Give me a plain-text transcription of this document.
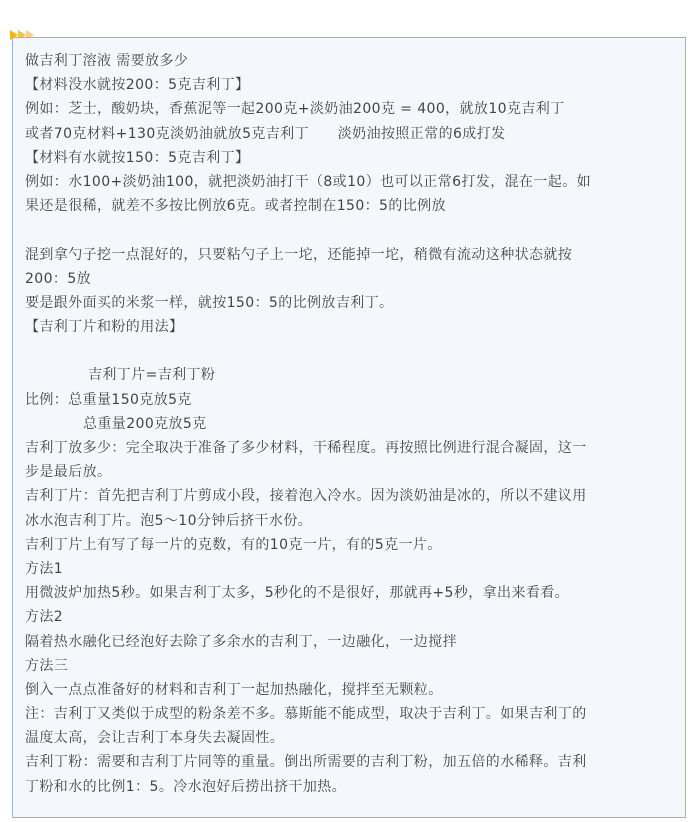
做吉利丁溶液 需要放多少
【材料没水就按200：5克吉利丁】
例如：芝士，酸奶块，香蕉泥等一起200克+淡奶油200克 = 400，就放10克吉利丁
或者70克材料+130克淡奶油就放5克吉利丁　　淡奶油按照正常的6成打发
【材料有水就按150：5克吉利丁】
例如：水100+淡奶油100，就把淡奶油打干（8或10）也可以正常6打发，混在一起。如
果还是很稀，就差不多按比例放6克。或者控制在150：5的比例放
混到拿勺子挖一点混好的，只要粘勺子上一坨，还能掉一坨，稍微有流动这种状态就按
200：5放
要是跟外面买的米浆一样，就按150：5的比例放吉利丁。
【吉利丁片和粉的用法】
吉利丁片=吉利丁粉
比例：总重量150克放5克
总重量200克放5克
吉利丁放多少：完全取决于准备了多少材料，干稀程度。再按照比例进行混合凝固，这一
步是最后放。
吉利丁片：首先把吉利丁片剪成小段，接着泡入冷水。因为淡奶油是冰的，所以不建议用
冰水泡吉利丁片。泡5～10分钟后挤干水份。
吉利丁片上有写了每一片的克数，有的10克一片，有的5克一片。
方法1
用微波炉加热5秒。如果吉利丁太多，5秒化的不是很好，那就再+5秒，拿出来看看。
方法2
隔着热水融化已经泡好去除了多余水的吉利丁，一边融化，一边搅拌
方法三
倒入一点点准备好的材料和吉利丁一起加热融化，搅拌至无颗粒。
注：吉利丁又类似于成型的粉条差不多。慕斯能不能成型，取决于吉利丁。如果吉利丁的
温度太高，会让吉利丁本身失去凝固性。
吉利丁粉：需要和吉利丁片同等的重量。倒出所需要的吉利丁粉，加五倍的水稀释。吉利
丁粉和水的比例1：5。冷水泡好后捞出挤干加热。
